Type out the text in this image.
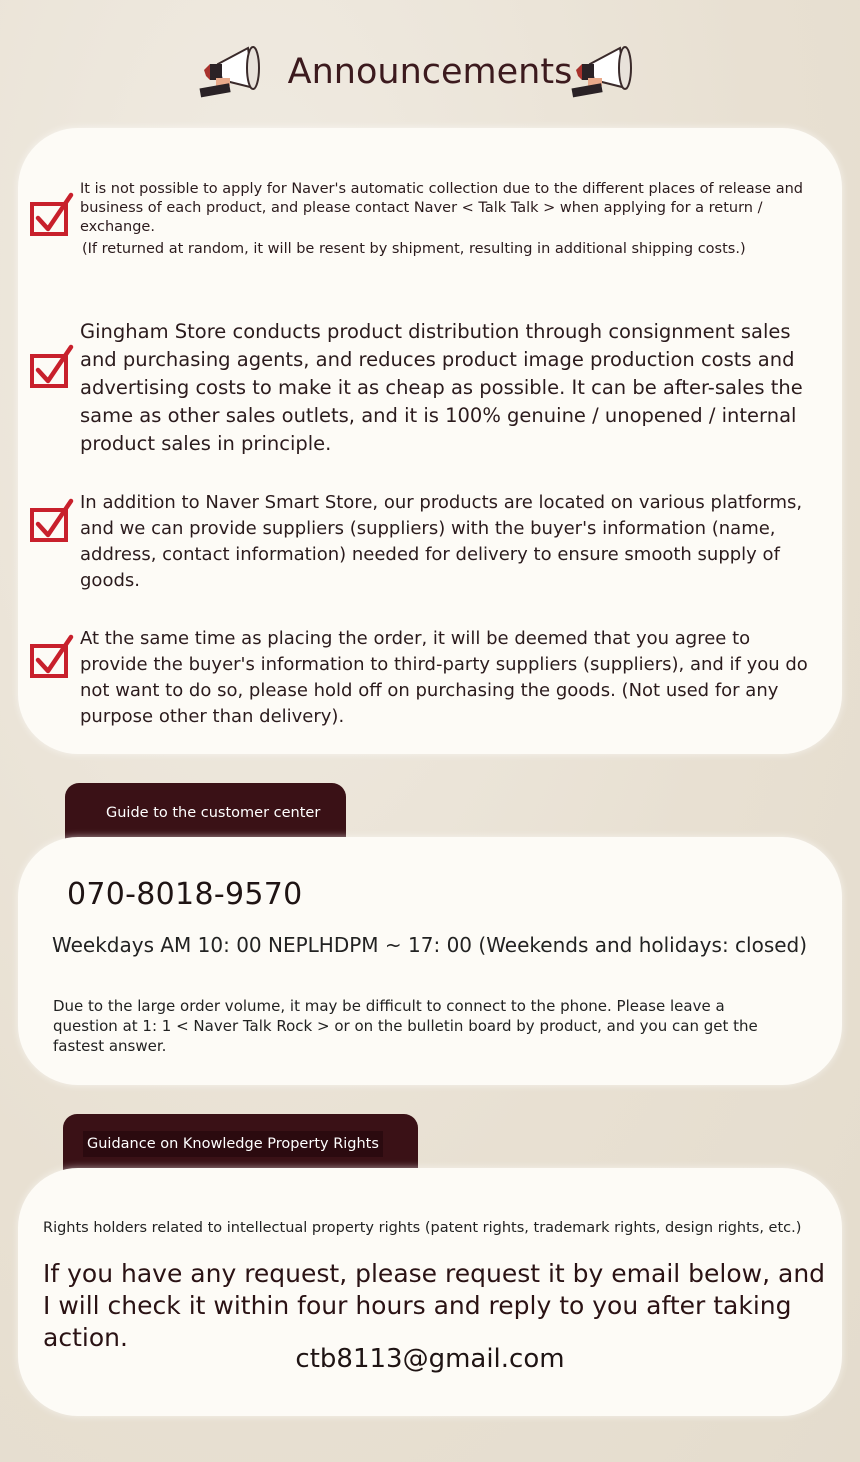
Announcements
It is not possible to apply for Naver's automatic collection due to the different places of release and business of each product, and please contact Naver < Talk Talk > when applying for a return / exchange.
(If returned at random, it will be resent by shipment, resulting in additional shipping costs.)
Gingham Store conducts product distribution through consignment sales and purchasing agents, and reduces product image production costs and advertising costs to make it as cheap as possible. It can be after-sales the same as other sales outlets, and it is 100% genuine / unopened / internal product sales in principle.
In addition to Naver Smart Store, our products are located on various platforms, and we can provide suppliers (suppliers) with the buyer's information (name, address, contact information) needed for delivery to ensure smooth supply of goods.
At the same time as placing the order, it will be deemed that you agree to provide the buyer's information to third-party suppliers (suppliers), and if you do not want to do so, please hold off on purchasing the goods. (Not used for any purpose other than delivery).
Guide to the customer center
070-8018-9570
Weekdays AM 10: 00 NEPLHDPM ~ 17: 00 (Weekends and holidays: closed)
Due to the large order volume, it may be difficult to connect to the phone. Please leave a question at 1: 1 < Naver Talk Rock > or on the bulletin board by product, and you can get the fastest answer.
Guidance on Knowledge Property Rights
Rights holders related to intellectual property rights (patent rights, trademark rights, design rights, etc.)
If you have any request, please request it by email below, and I will check it within four hours and reply to you after taking action.
ctb8113@gmail.com
